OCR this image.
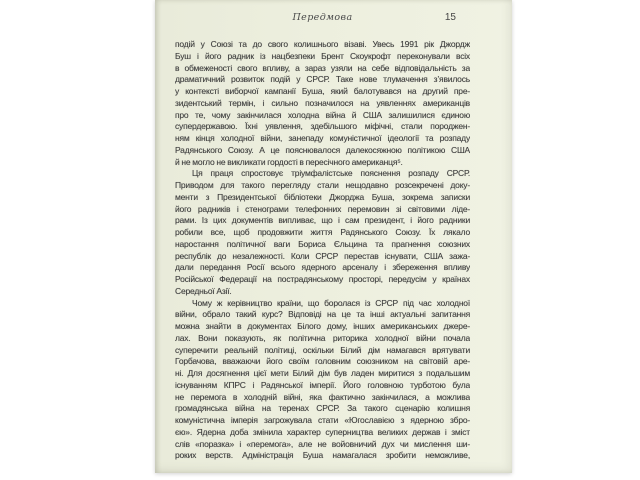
Передмова	15
подій у Союзі та до свого колишнього візаві. Увесь 1991 рік Джордж
Буш і його радник із нацбезпеки Брент Скоукрофт переконували всіх
в обмеженості свого впливу, а зараз узяли на себе відповідальність за
драматичний розвиток подій у СРСР. Таке нове тлумачення з’явилось
у контексті виборчої кампанії Буша, який балотувався на другий пре-
зидентський термін, і сильно позначилося на уявленнях американців
про те, чому закінчилася холодна війна й США залишилися єдиною
супердержавою. Їхні уявлення, здебільшого міфічні, стали породжен-
ням кінця холодної війни, занепаду комуністичної ідеології та розпаду
Радянського Союзу. А це пояснювалося далекосяжною політикою США
й не могло не викликати гордості в пересічного американця⁵.
Ця праця спростовує тріумфалістське пояснення розпаду СРСР.
Приводом для такого перегляду стали нещодавно розсекречені доку-
менти з Президентської бібліотеки Джорджа Буша, зокрема записки
його радників і стенограми телефонних перемовин зі світовими ліде-
рами. Із цих документів випливає, що і сам президент, і його радники
робили все, щоб продовжити життя Радянського Союзу. Їх лякало
наростання політичної ваги Бориса Єльцина та прагнення союзних
республік до незалежності. Коли СРСР перестав існувати, США зажа-
дали передання Росії всього ядерного арсеналу і збереження впливу
Російської Федерації на пострадянському просторі, передусім у країнах
Середньої Азії.
Чому ж керівництво країни, що боролася із СРСР під час холодної
війни, обрало такий курс? Відповіді на це та інші актуальні запитання
можна знайти в документах Білого дому, інших американських джере-
лах. Вони показують, як політична риторика холодної війни почала
суперечити реальній політиці, оскільки Білий дім намагався врятувати
Горбачова, вважаючи його своїм головним союзником на світовій аре-
ні. Для досягнення цієї мети Білий дім був ладен миритися з подальшим
існуванням КПРС і Радянської імперії. Його головною турботою була
не перемога в холодній війні, яка фактично закінчилася, а можлива
громадянська війна на теренах СРСР. За такого сценарію колишня
комуністична імперія загрожувала стати «Югославією з ядерною збро-
єю». Ядерна доба змінила характер суперництва великих держав і зміст
слів «поразка» і «перемога», але не войовничий дух чи мислення ши-
роких верств. Адміністрація Буша намагалася зробити неможливе,
